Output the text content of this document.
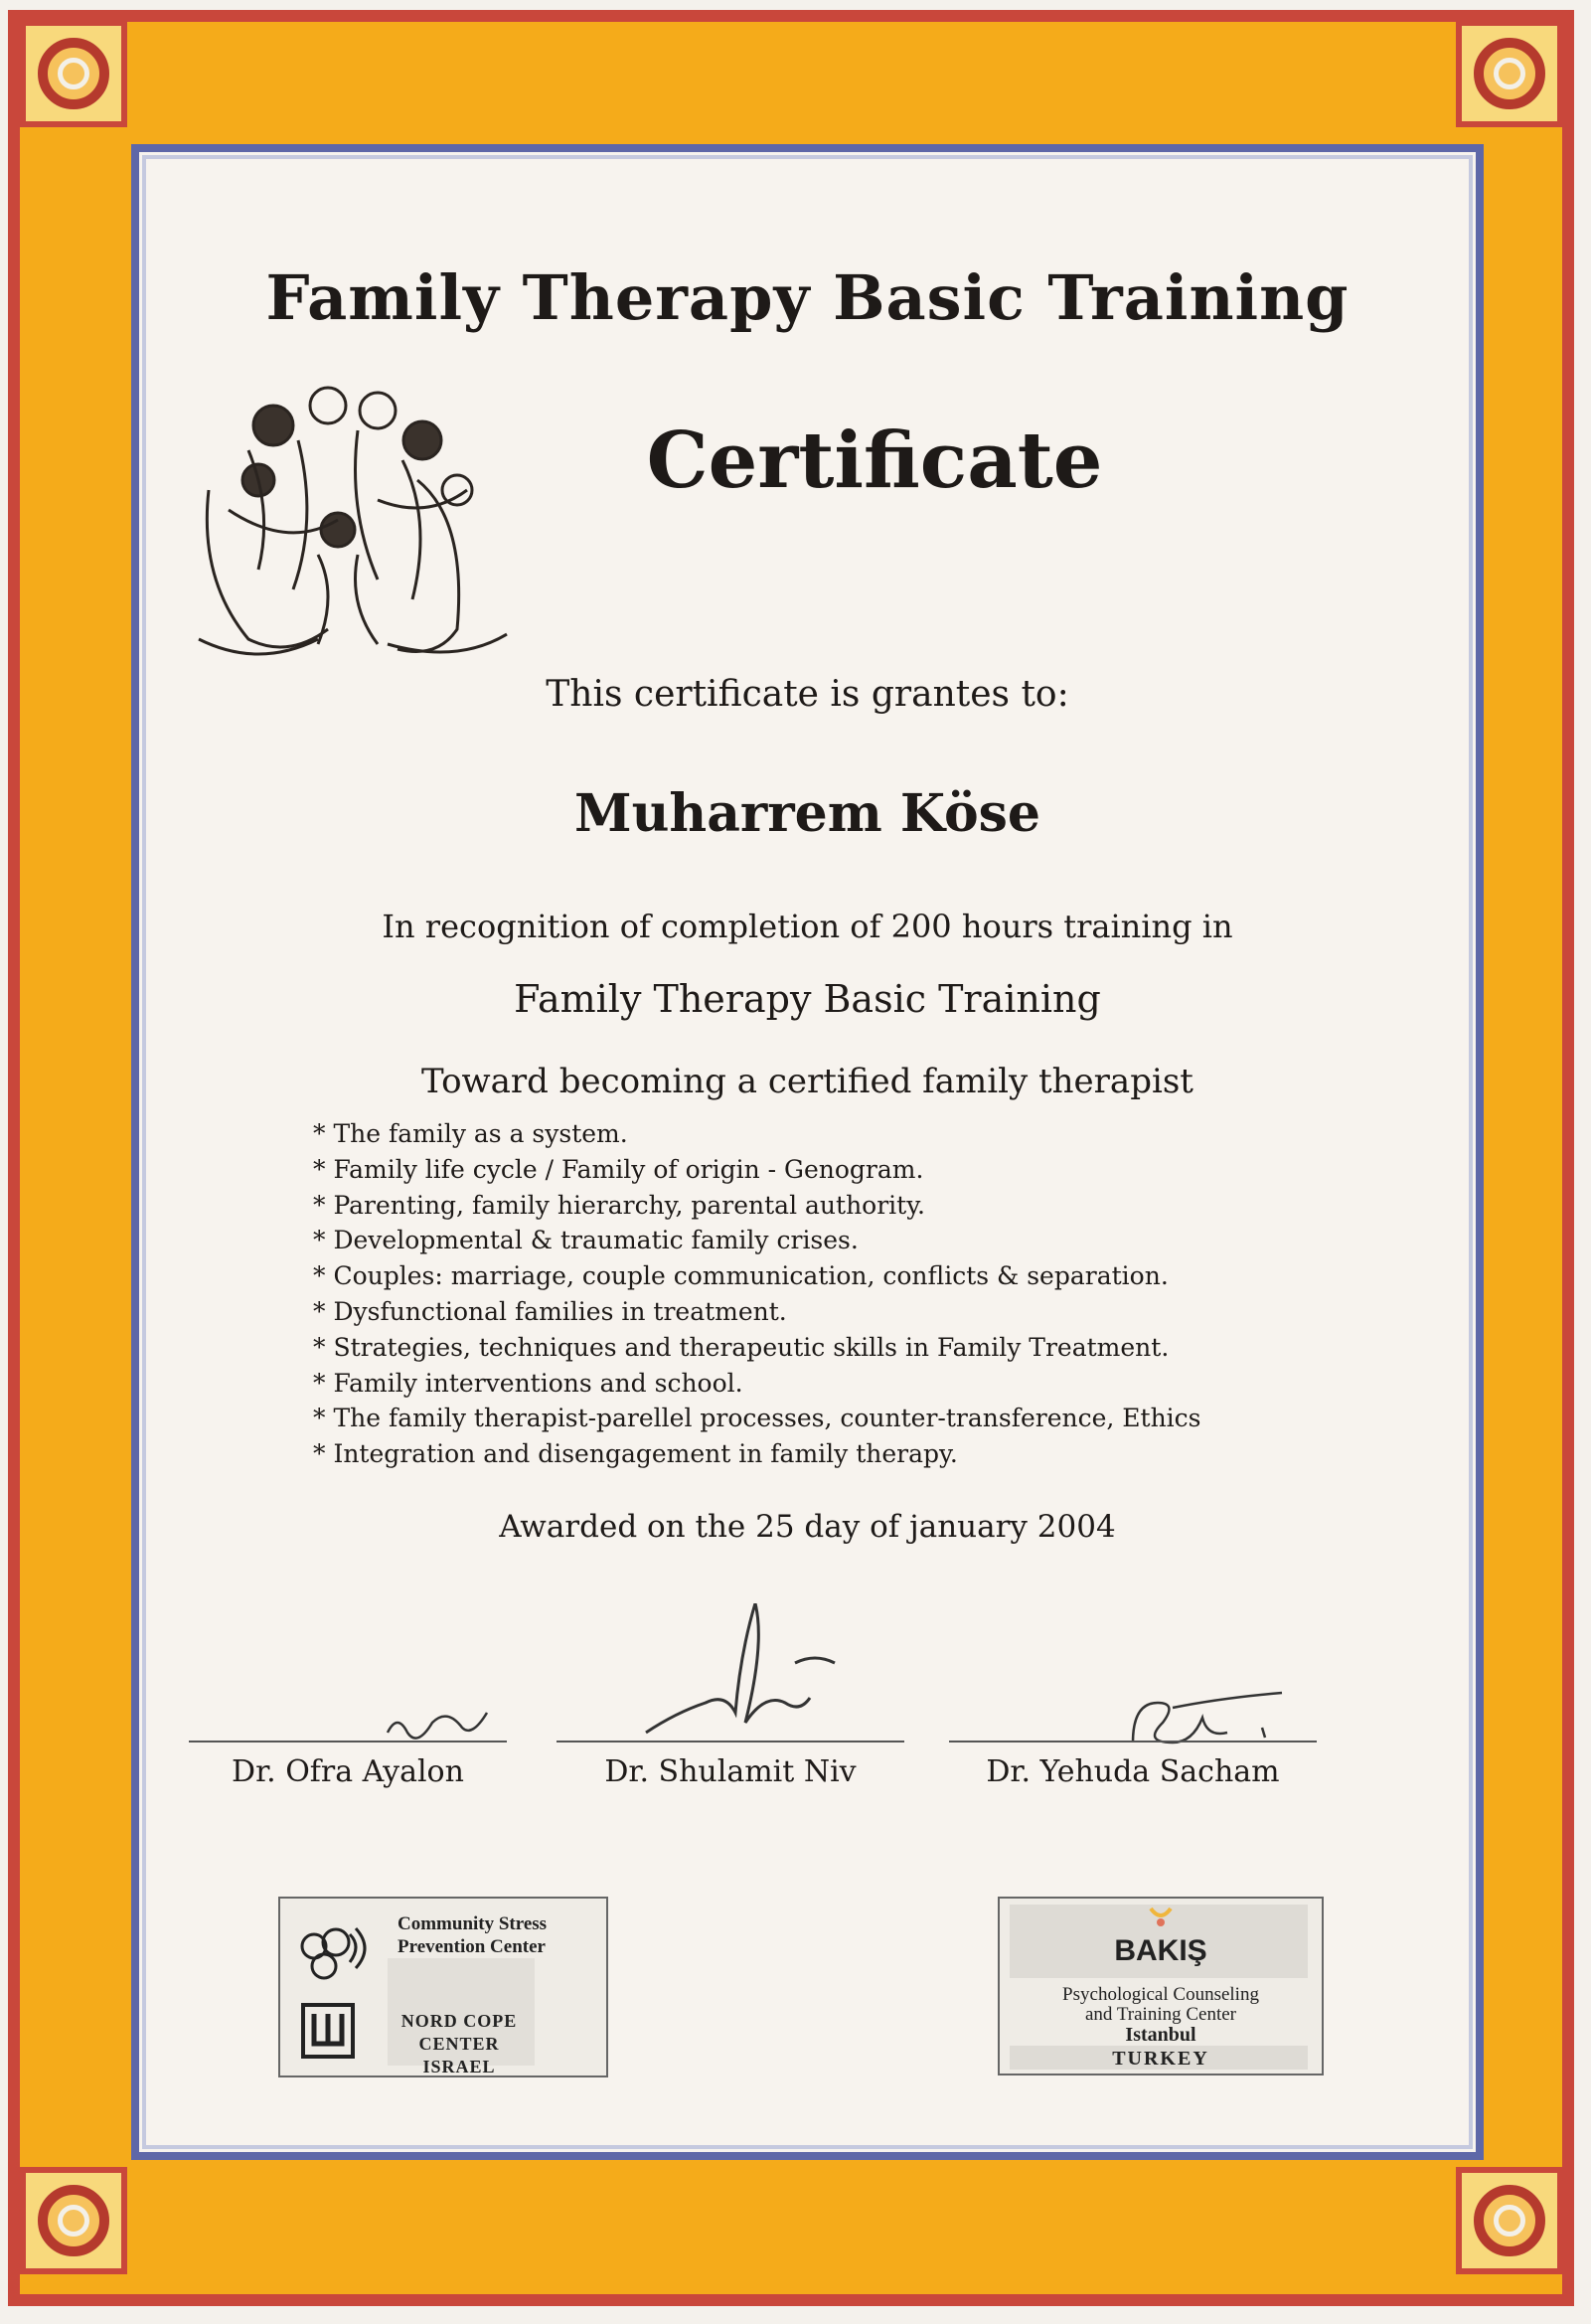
Family Therapy Basic Training
Certificate
This certificate is grantes to:
Muharrem Köse
In recognition of completion of 200 hours training in
Family Therapy Basic Training
Toward becoming a certified family therapist
* The family as a system.
* Family life cycle / Family of origin - Genogram.
* Parenting, family hierarchy, parental authority.
* Developmental & traumatic family crises.
* Couples: marriage, couple communication, conflicts & separation.
* Dysfunctional families in treatment.
* Strategies, techniques and therapeutic skills in Family Treatment.
* Family interventions and school.
* The family therapist-parellel processes, counter-transference, Ethics
* Integration and disengagement in family therapy.
Awarded on the 25 day of january 2004
Dr. Ofra Ayalon	Dr. Shulamit Niv	Dr. Yehuda Sacham
Community Stress
Prevention Center
NORD COPE
CENTER
ISRAEL
BAKIŞ
Psychological Counseling
and Training Center
Istanbul
TURKEY
